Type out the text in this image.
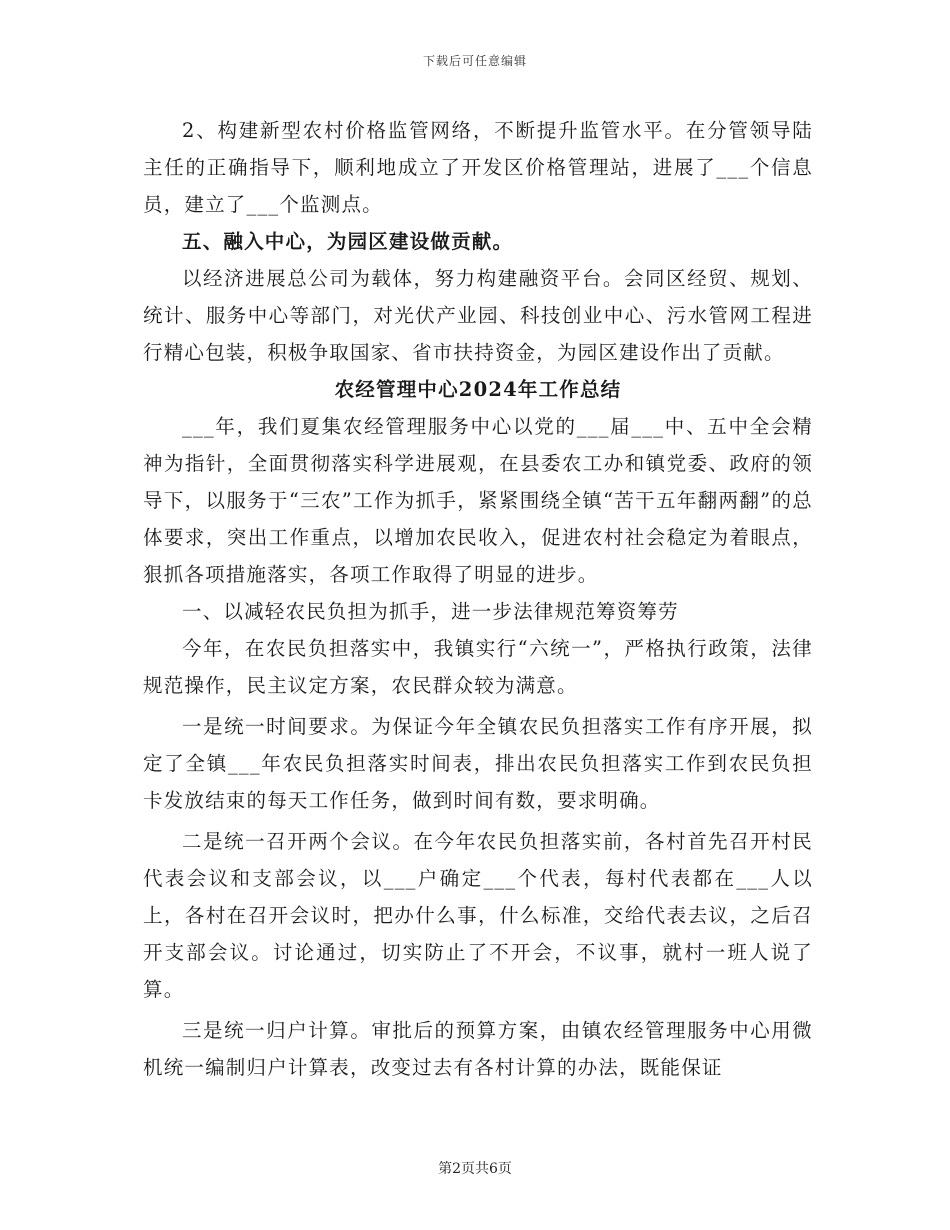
下载后可任意编辑

2、构建新型农村价格监管网络，不断提升监管水平。在分管领导陆主任的正确指导下，顺利地成立了开发区价格管理站，进展了___个信息员，建立了___个监测点。

五、融入中心，为园区建设做贡献。

以经济进展总公司为载体，努力构建融资平台。会同区经贸、规划、统计、服务中心等部门，对光伏产业园、科技创业中心、污水管网工程进行精心包装，积极争取国家、省市扶持资金，为园区建设作出了贡献。

农经管理中心2024年工作总结

___年，我们夏集农经管理服务中心以党的___届___中、五中全会精神为指针，全面贯彻落实科学进展观，在县委农工办和镇党委、政府的领导下，以服务于“三农”工作为抓手，紧紧围绕全镇“苦干五年翻两翻”的总体要求，突出工作重点，以增加农民收入，促进农村社会稳定为着眼点，狠抓各项措施落实，各项工作取得了明显的进步。

一、以减轻农民负担为抓手，进一步法律规范筹资筹劳

今年，在农民负担落实中，我镇实行“六统一”，严格执行政策，法律规范操作，民主议定方案，农民群众较为满意。

一是统一时间要求。为保证今年全镇农民负担落实工作有序开展，拟定了全镇___年农民负担落实时间表，排出农民负担落实工作到农民负担卡发放结束的每天工作任务，做到时间有数，要求明确。

二是统一召开两个会议。在今年农民负担落实前，各村首先召开村民代表会议和支部会议，以___户确定___个代表，每村代表都在___人以上，各村在召开会议时，把办什么事，什么标准，交给代表去议，之后召开支部会议。讨论通过，切实防止了不开会，不议事，就村一班人说了算。

三是统一归户计算。审批后的预算方案，由镇农经管理服务中心用微机统一编制归户计算表，改变过去有各村计算的办法，既能保证

第2页共6页
